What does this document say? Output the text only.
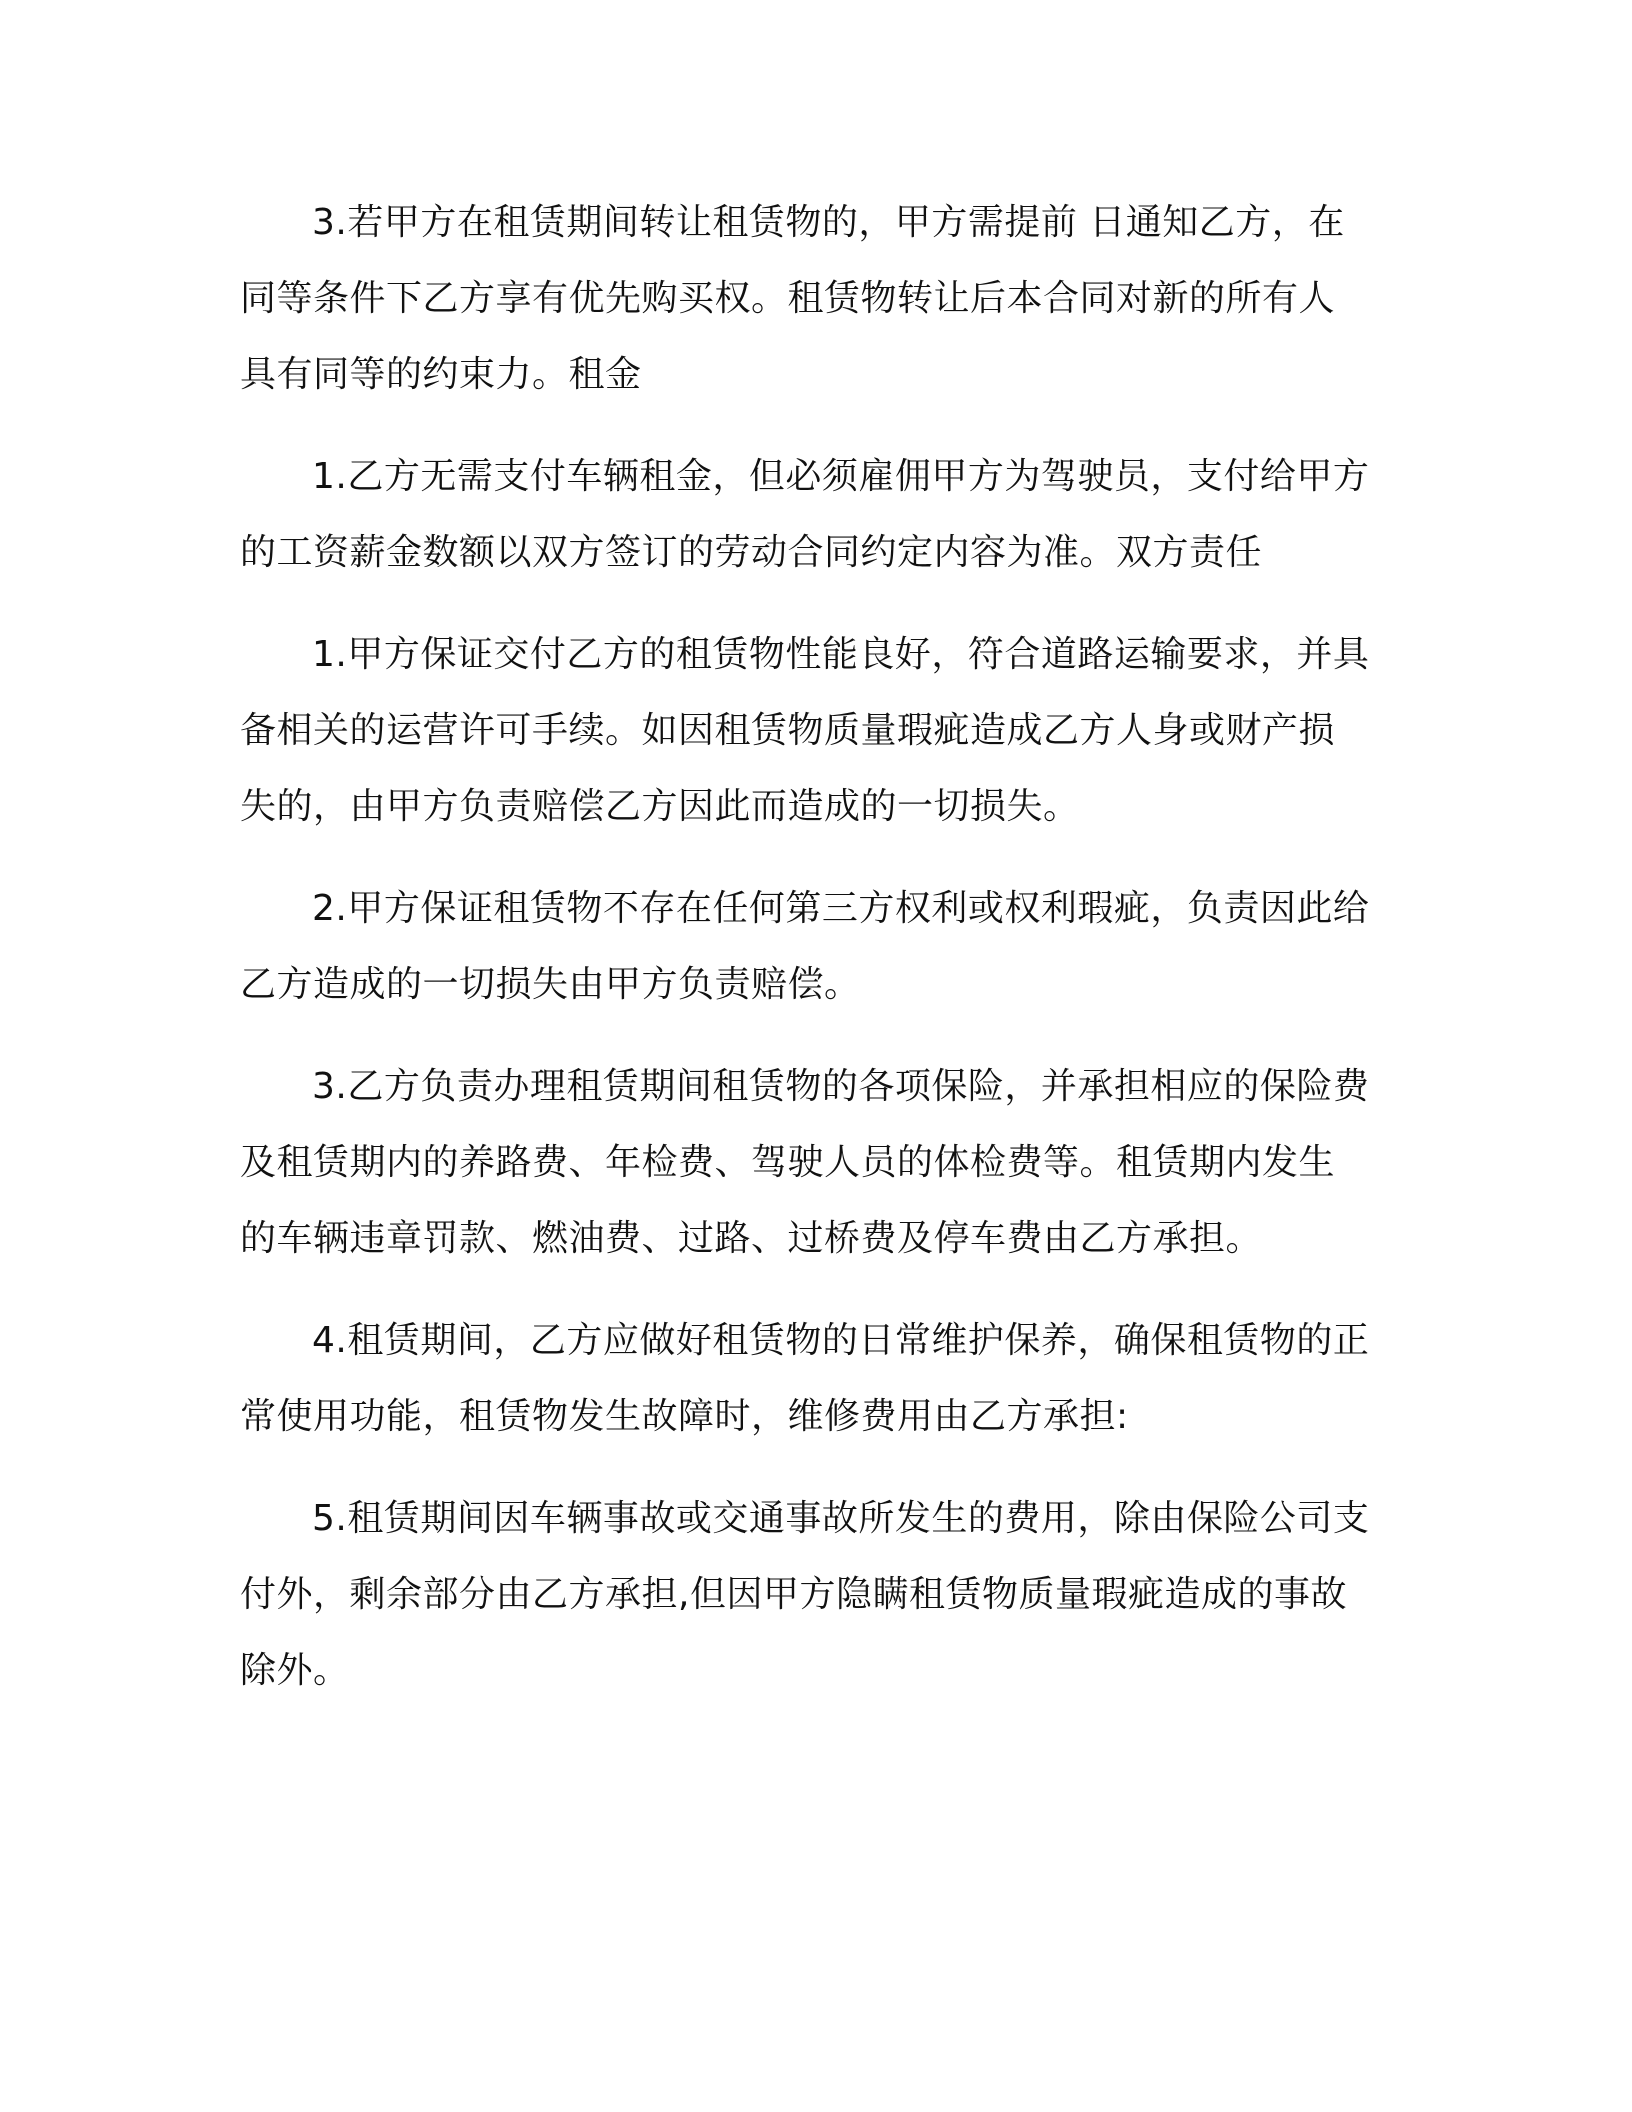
3.若甲方在租赁期间转让租赁物的，甲方需提前 日通知乙方，在同等条件下乙方享有优先购买权。租赁物转让后本合同对新的所有人具有同等的约束力。租金

1.乙方无需支付车辆租金，但必须雇佣甲方为驾驶员，支付给甲方的工资薪金数额以双方签订的劳动合同约定内容为准。双方责任

1.甲方保证交付乙方的租赁物性能良好，符合道路运输要求，并具备相关的运营许可手续。如因租赁物质量瑕疵造成乙方人身或财产损失的，由甲方负责赔偿乙方因此而造成的一切损失。

2.甲方保证租赁物不存在任何第三方权利或权利瑕疵，负责因此给乙方造成的一切损失由甲方负责赔偿。

3.乙方负责办理租赁期间租赁物的各项保险，并承担相应的保险费及租赁期内的养路费、年检费、驾驶人员的体检费等。租赁期内发生的车辆违章罚款、燃油费、过路、过桥费及停车费由乙方承担。

4.租赁期间，乙方应做好租赁物的日常维护保养，确保租赁物的正常使用功能，租赁物发生故障时，维修费用由乙方承担:

5.租赁期间因车辆事故或交通事故所发生的费用，除由保险公司支付外，剩余部分由乙方承担,但因甲方隐瞒租赁物质量瑕疵造成的事故除外。
